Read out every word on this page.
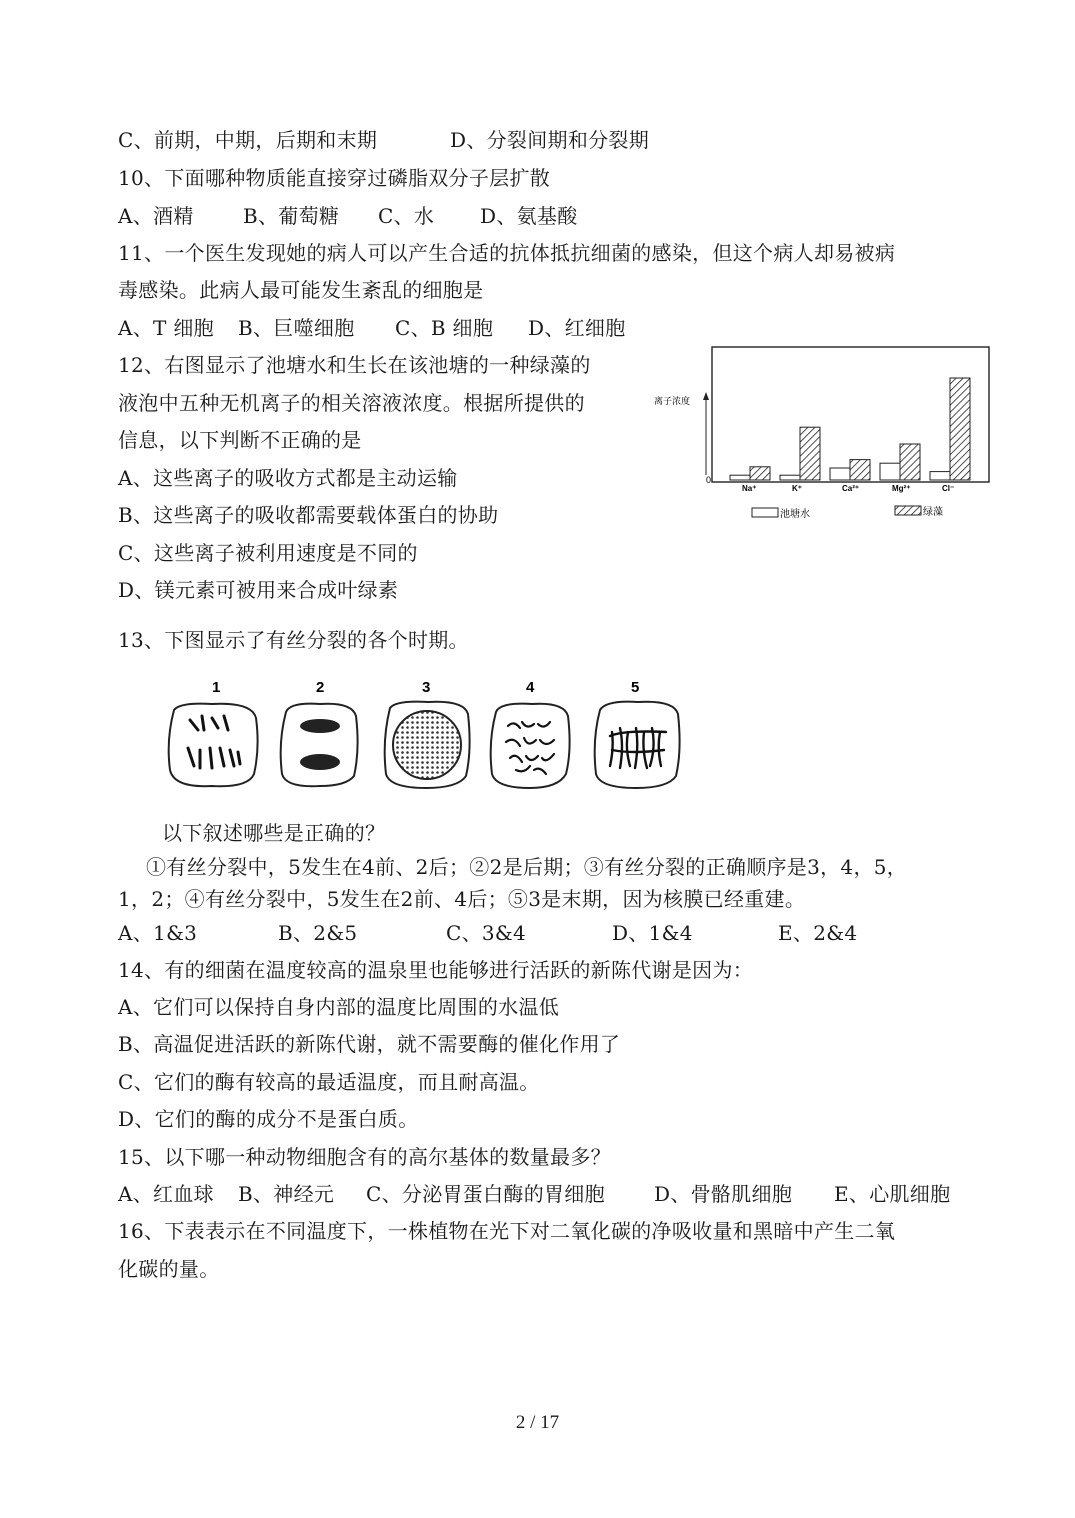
C、前期，中期，后期和末期	D、分裂间期和分裂期
10、下面哪种物质能直接穿过磷脂双分子层扩散
A、酒精 B、葡萄糖 C、水 D、氨基酸
11、一个医生发现她的病人可以产生合适的抗体抵抗细菌的感染，但这个病人却易被病
毒感染。此病人最可能发生紊乱的细胞是
A、T 细胞 B、巨噬细胞 C、B 细胞 D、红细胞
12、右图显示了池塘水和生长在该池塘的一种绿藻的
液泡中五种无机离子的相关溶液浓度。根据所提供的
信息，以下判断不正确的是
A、这些离子的吸收方式都是主动运输
B、这些离子的吸收都需要载体蛋白的协助
C、这些离子被利用速度是不同的
D、镁元素可被用来合成叶绿素
离子浓度
0
Na⁺	K⁺	Ca²⁺	Mg²⁺	Cl⁻
池塘水	绿藻
13、下图显示了有丝分裂的各个时期。
1	2	3	4	5
以下叙述哪些是正确的？
①有丝分裂中，5发生在4前、2后；②2是后期；③有丝分裂的正确顺序是3，4，5，
1，2；④有丝分裂中，5发生在2前、4后；⑤3是末期，因为核膜已经重建。
A、1&3	B、2&5	C、3&4	D、1&4	E、2&4
14、有的细菌在温度较高的温泉里也能够进行活跃的新陈代谢是因为：
A、它们可以保持自身内部的温度比周围的水温低
B、高温促进活跃的新陈代谢，就不需要酶的催化作用了
C、它们的酶有较高的最适温度，而且耐高温。
D、它们的酶的成分不是蛋白质。
15、以下哪一种动物细胞含有的高尔基体的数量最多？
A、红血球 B、神经元 C、分泌胃蛋白酶的胃细胞 D、骨骼肌细胞 E、心肌细胞
16、下表表示在不同温度下，一株植物在光下对二氧化碳的净吸收量和黑暗中产生二氧
化碳的量。
2 / 17
